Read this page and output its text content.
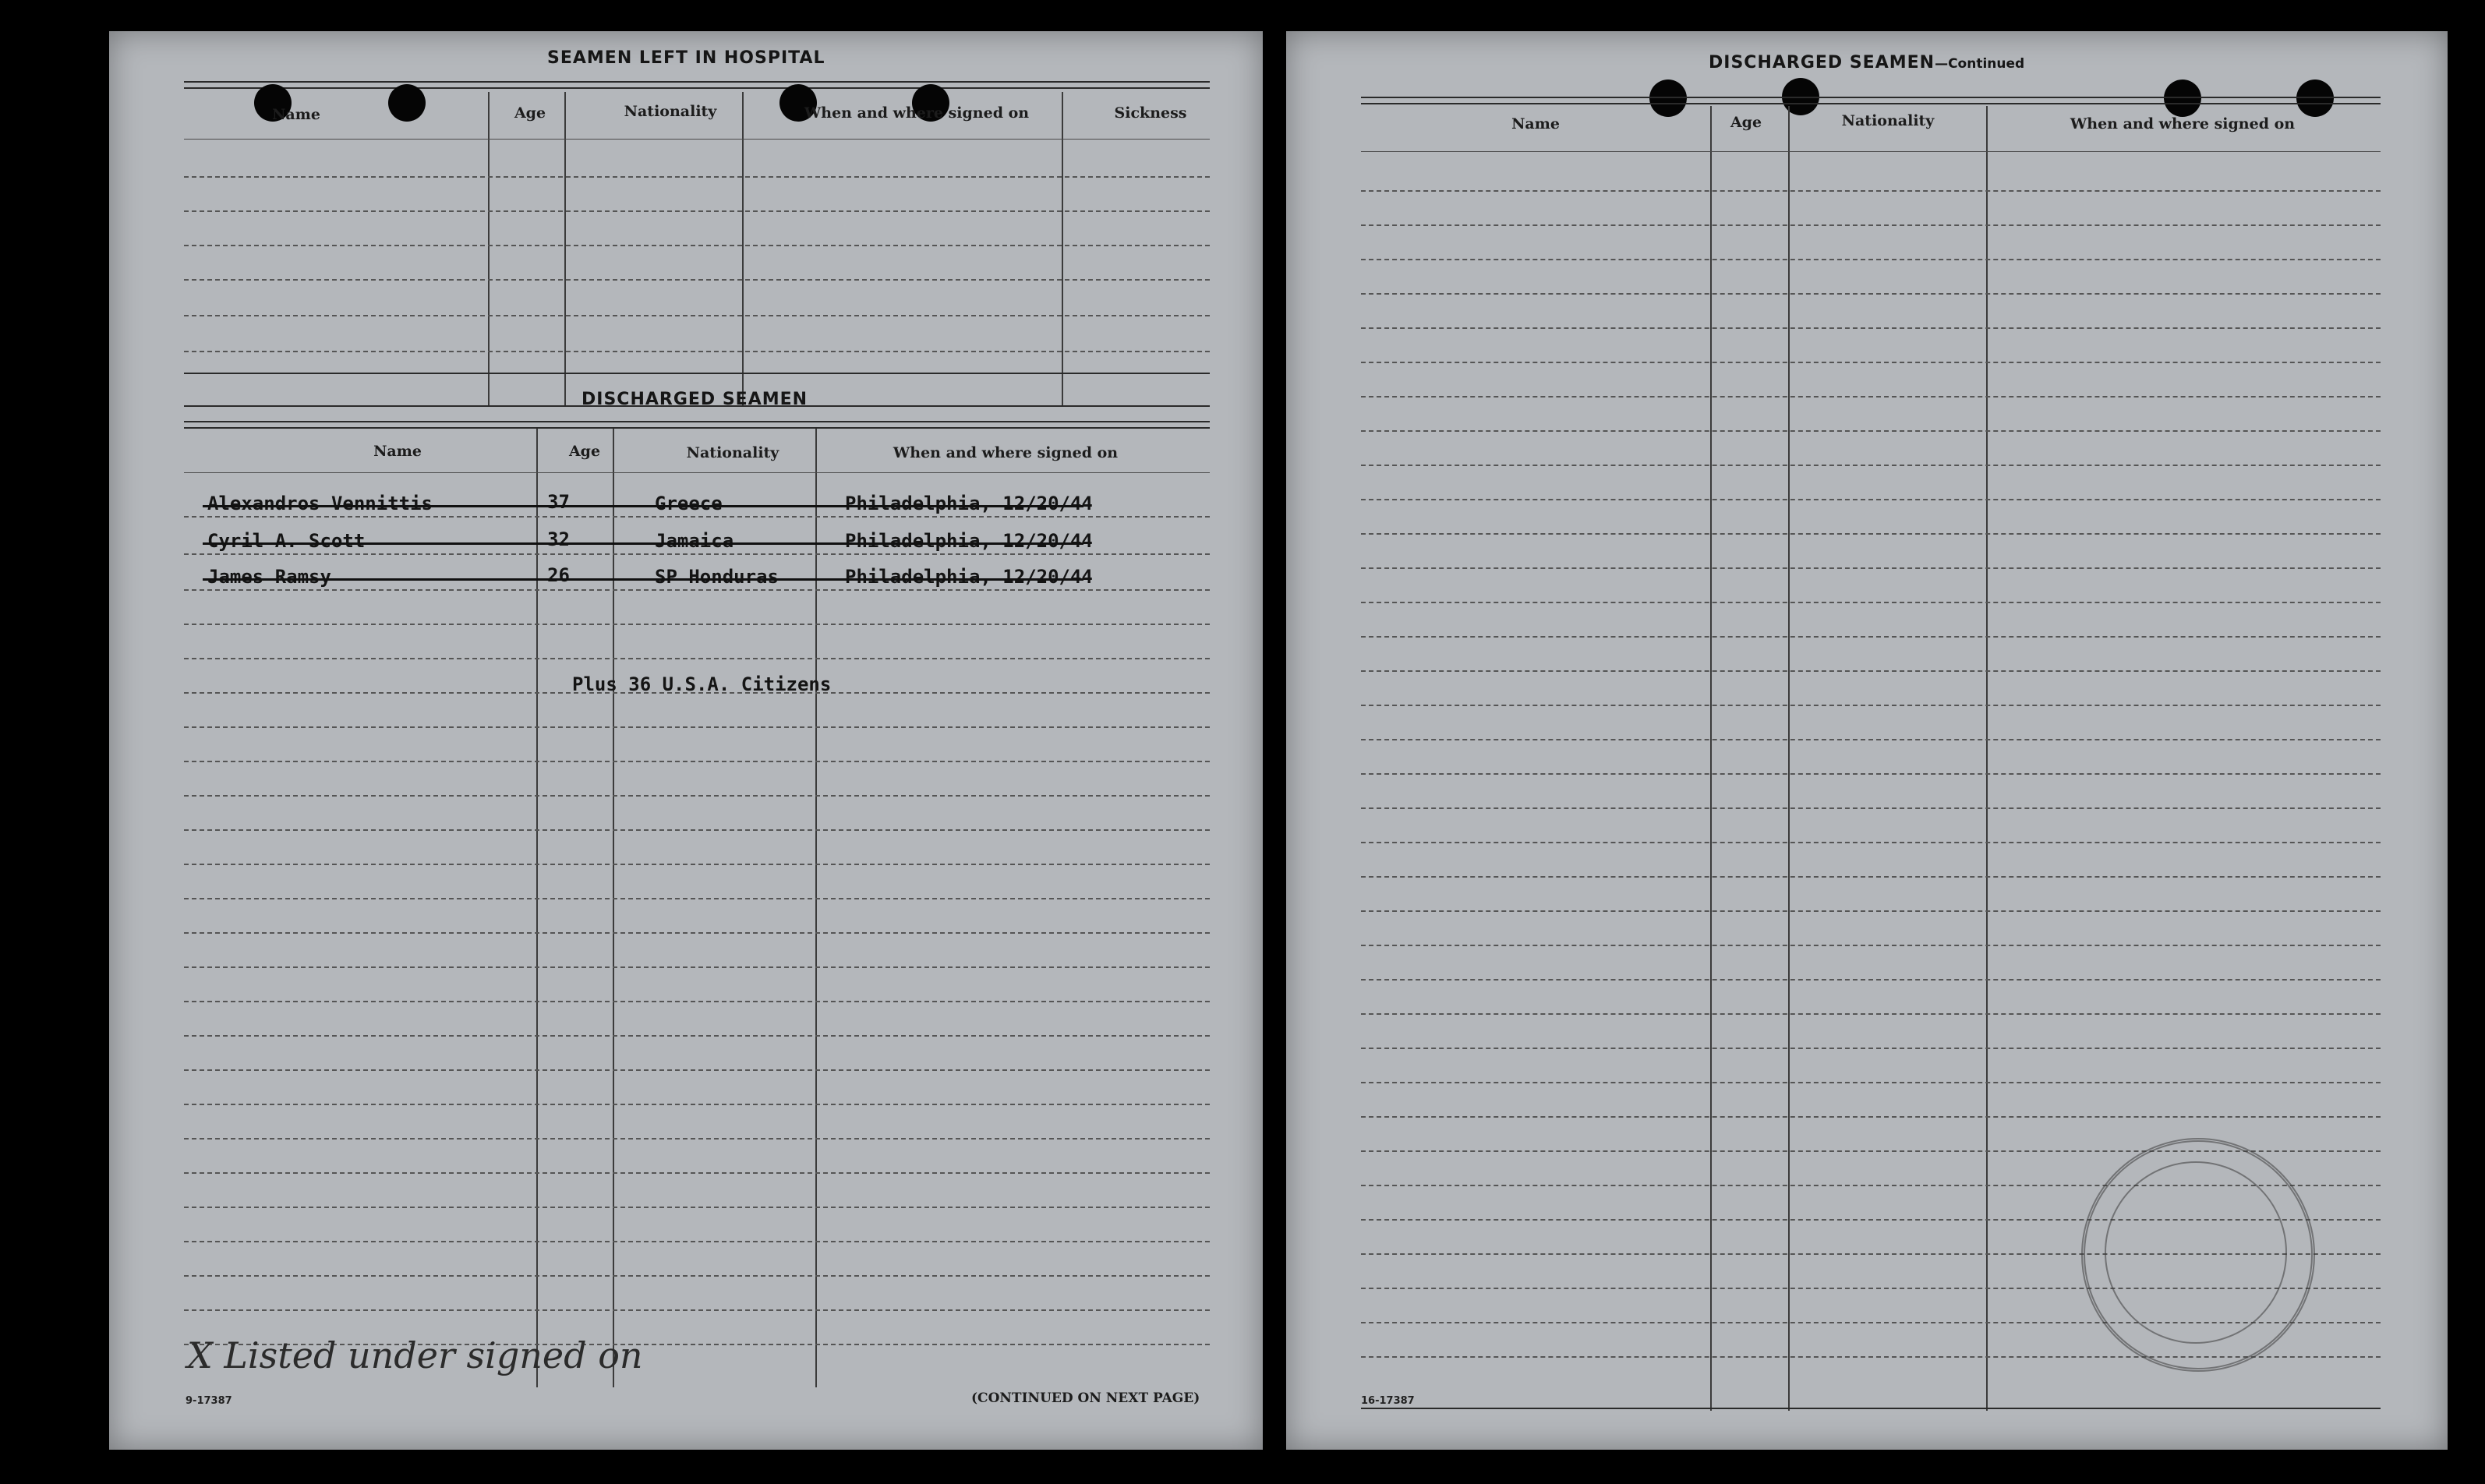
SEAMEN LEFT IN HOSPITAL
Name	Age	Nationality	When and where signed on	Sickness
DISCHARGED SEAMEN
Name	Age	Nationality	When and where signed on
Alexandros Vennittis	37	Greece	Philadelphia, 12/20/44
Cyril A. Scott	32	Jamaica	Philadelphia, 12/20/44
James Ramsy	26	SP Honduras	Philadelphia, 12/20/44
Plus 36 U.S.A. Citizens
X Listed under signed on
9-17387	(CONTINUED ON NEXT PAGE)
DISCHARGED SEAMEN—Continued
Name	Age	Nationality	When and where signed on
16-17387
